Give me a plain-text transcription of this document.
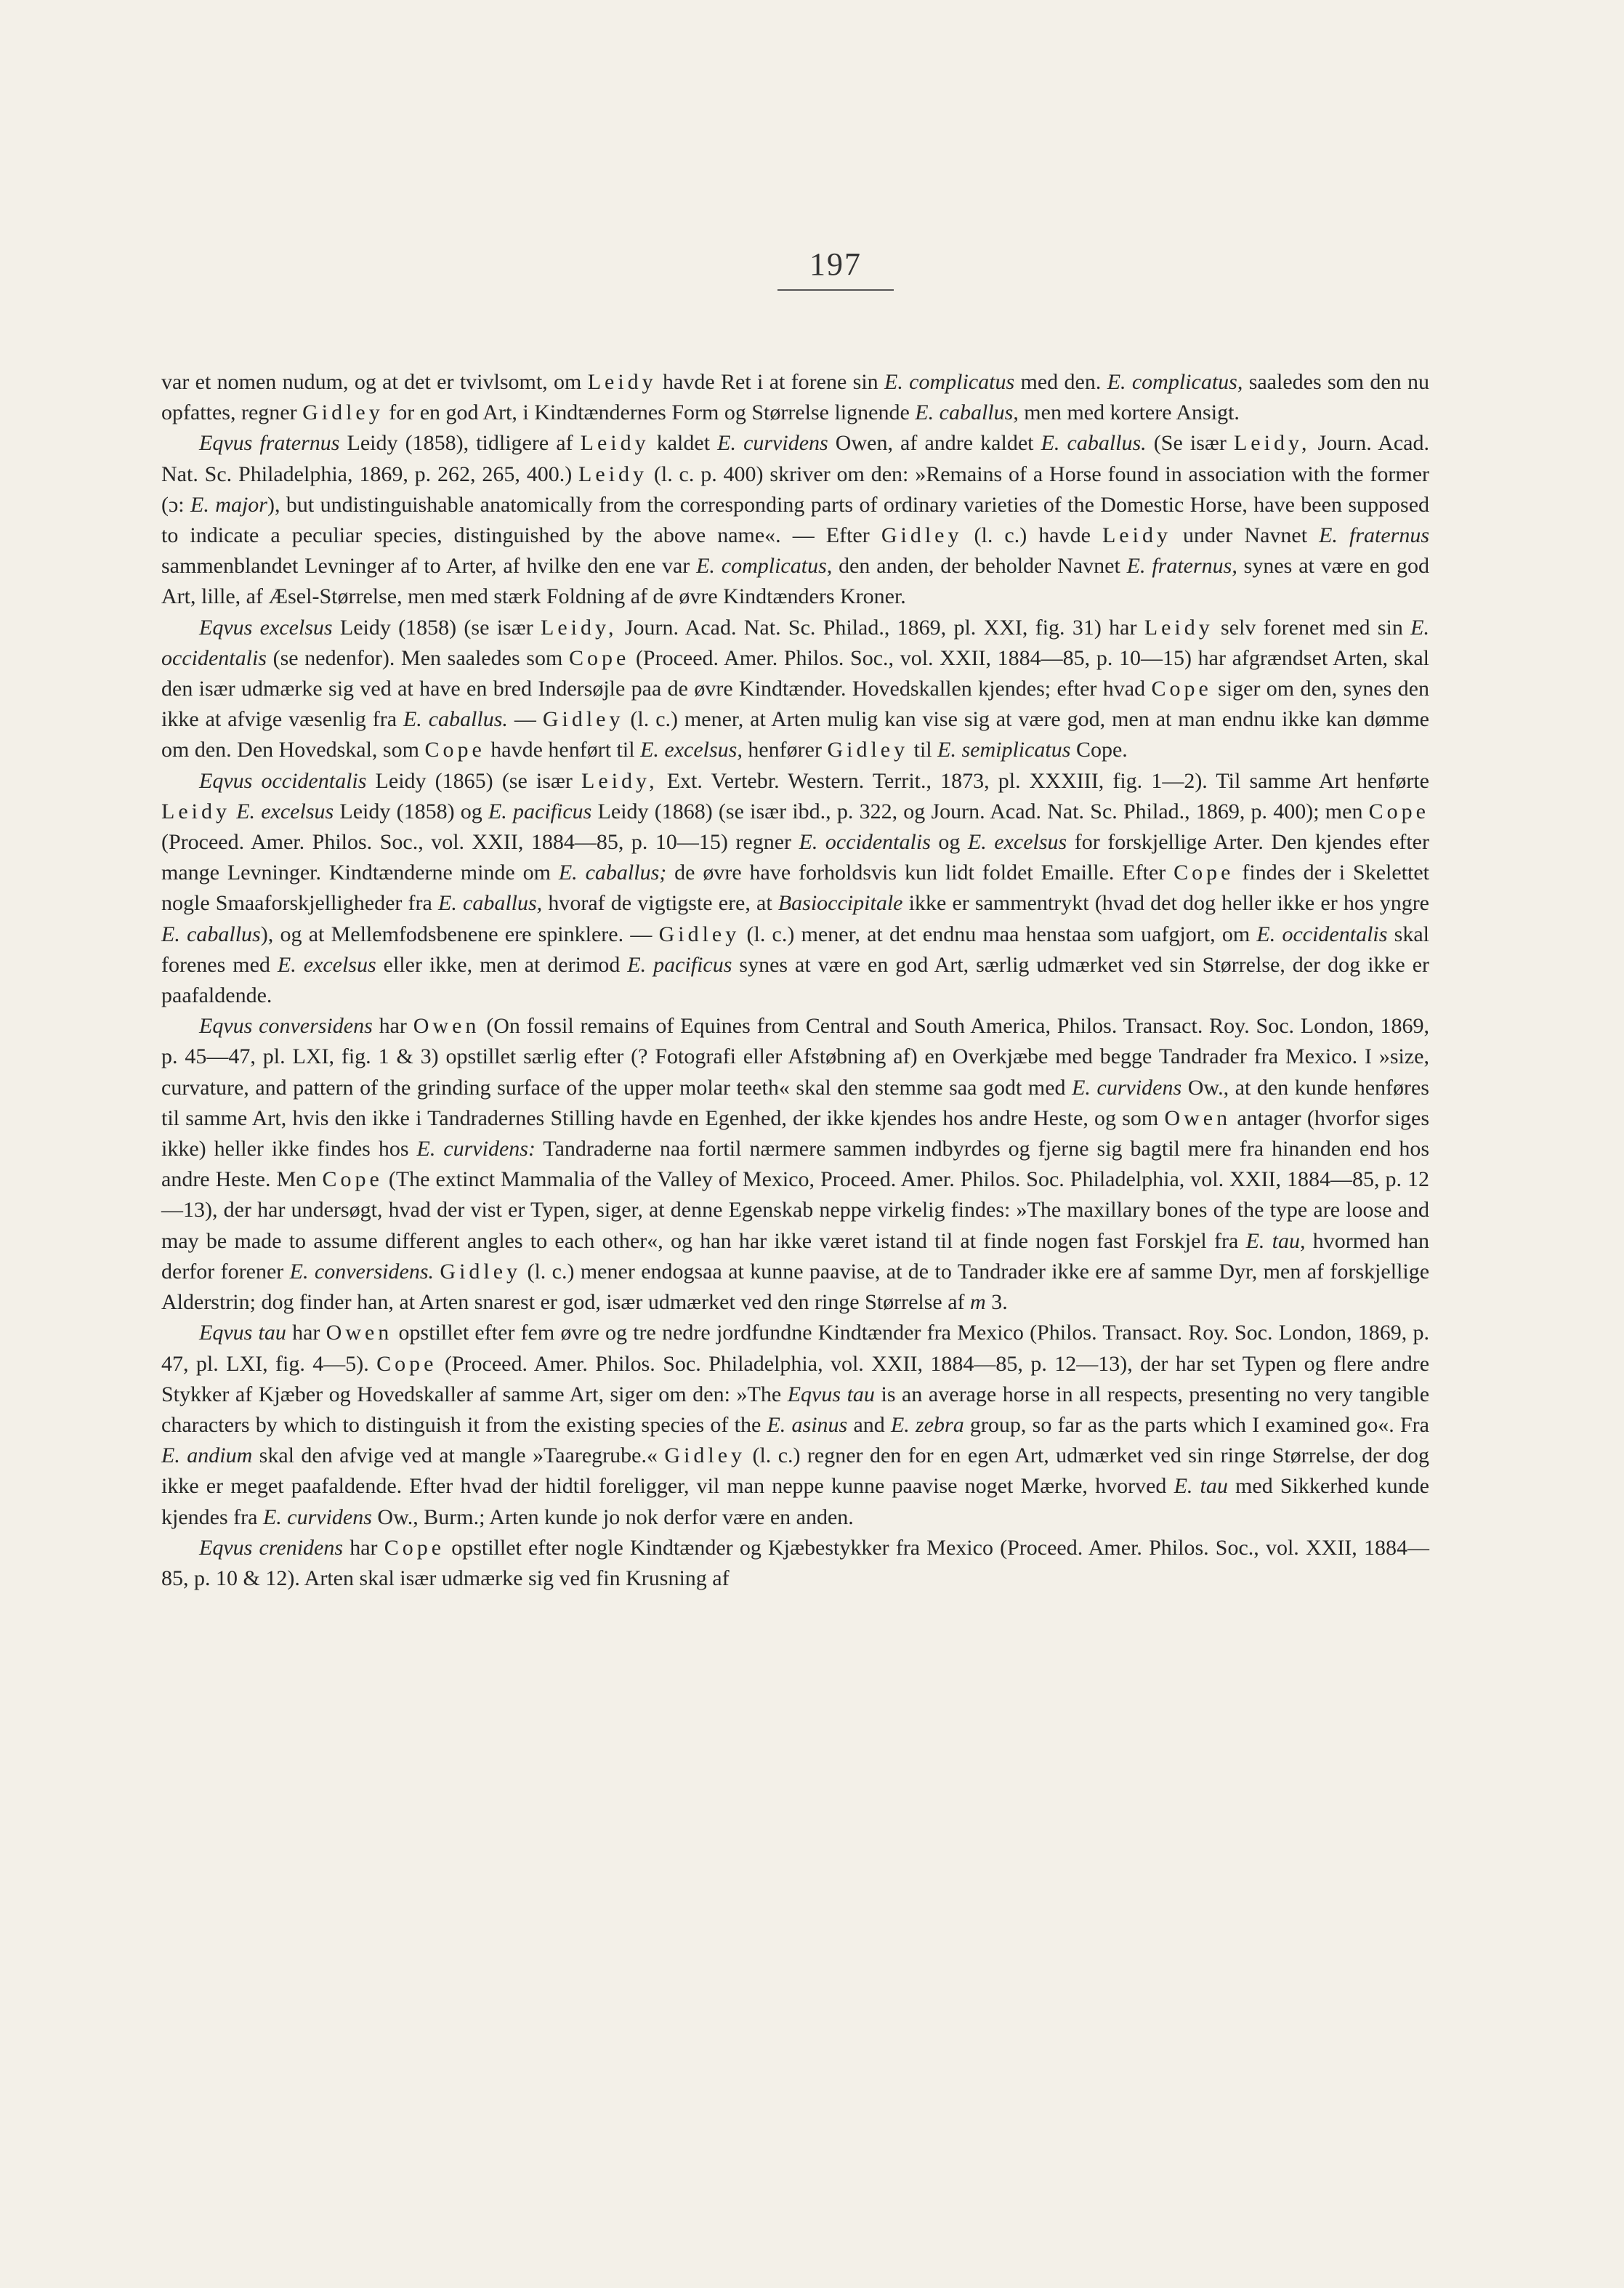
197

var et nomen nudum, og at det er tvivlsomt, om Leidy havde Ret i at forene sin E. complicatus med den. E. complicatus, saaledes som den nu opfattes, regner Gidley for en god Art, i Kindtændernes Form og Størrelse lignende E. caballus, men med kortere Ansigt.

Eqvus fraternus Leidy (1858), tidligere af Leidy kaldet E. curvidens Owen, af andre kaldet E. caballus. (Se især Leidy, Journ. Acad. Nat. Sc. Philadelphia, 1869, p. 262, 265, 400.) Leidy (l. c. p. 400) skriver om den: »Remains of a Horse found in association with the former (ɔ: E. major), but undistinguishable anatomically from the corresponding parts of ordinary varieties of the Domestic Horse, have been supposed to indicate a peculiar species, distinguished by the above name«. — Efter Gidley (l. c.) havde Leidy under Navnet E. fraternus sammenblandet Levninger af to Arter, af hvilke den ene var E. complicatus, den anden, der beholder Navnet E. fraternus, synes at være en god Art, lille, af Æsel-Størrelse, men med stærk Foldning af de øvre Kindtænders Kroner.

Eqvus excelsus Leidy (1858) (se især Leidy, Journ. Acad. Nat. Sc. Philad., 1869, pl. XXI, fig. 31) har Leidy selv forenet med sin E. occidentalis (se nedenfor). Men saaledes som Cope (Proceed. Amer. Philos. Soc., vol. XXII, 1884—85, p. 10—15) har afgrændset Arten, skal den især udmærke sig ved at have en bred Indersøjle paa de øvre Kindtænder. Hovedskallen kjendes; efter hvad Cope siger om den, synes den ikke at afvige væsenlig fra E. caballus. — Gidley (l. c.) mener, at Arten mulig kan vise sig at være god, men at man endnu ikke kan dømme om den. Den Hovedskal, som Cope havde henført til E. excelsus, henfører Gidley til E. semiplicatus Cope.

Eqvus occidentalis Leidy (1865) (se især Leidy, Ext. Vertebr. Western. Territ., 1873, pl. XXXIII, fig. 1—2). Til samme Art henførte Leidy E. excelsus Leidy (1858) og E. pacificus Leidy (1868) (se især ibd., p. 322, og Journ. Acad. Nat. Sc. Philad., 1869, p. 400); men Cope (Proceed. Amer. Philos. Soc., vol. XXII, 1884—85, p. 10—15) regner E. occidentalis og E. excelsus for forskjellige Arter. Den kjendes efter mange Levninger. Kindtænderne minde om E. caballus; de øvre have forholdsvis kun lidt foldet Emaille. Efter Cope findes der i Skelettet nogle Smaaforskjelligheder fra E. caballus, hvoraf de vigtigste ere, at Basioccipitale ikke er sammentrykt (hvad det dog heller ikke er hos yngre E. caballus), og at Mellemfodsbenene ere spinklere. — Gidley (l. c.) mener, at det endnu maa henstaa som uafgjort, om E. occidentalis skal forenes med E. excelsus eller ikke, men at derimod E. pacificus synes at være en god Art, særlig udmærket ved sin Størrelse, der dog ikke er paafaldende.

Eqvus conversidens har Owen (On fossil remains of Equines from Central and South America, Philos. Transact. Roy. Soc. London, 1869, p. 45—47, pl. LXI, fig. 1 & 3) opstillet særlig efter (? Fotografi eller Afstøbning af) en Overkjæbe med begge Tandrader fra Mexico. I »size, curvature, and pattern of the grinding surface of the upper molar teeth« skal den stemme saa godt med E. curvidens Ow., at den kunde henføres til samme Art, hvis den ikke i Tandradernes Stilling havde en Egenhed, der ikke kjendes hos andre Heste, og som Owen antager (hvorfor siges ikke) heller ikke findes hos E. curvidens: Tandraderne naa fortil nærmere sammen indbyrdes og fjerne sig bagtil mere fra hinanden end hos andre Heste. Men Cope (The extinct Mammalia of the Valley of Mexico, Proceed. Amer. Philos. Soc. Philadelphia, vol. XXII, 1884—85, p. 12—13), der har undersøgt, hvad der vist er Typen, siger, at denne Egenskab neppe virkelig findes: »The maxillary bones of the type are loose and may be made to assume different angles to each other«, og han har ikke været istand til at finde nogen fast Forskjel fra E. tau, hvormed han derfor forener E. conversidens. Gidley (l. c.) mener endogsaa at kunne paavise, at de to Tandrader ikke ere af samme Dyr, men af forskjellige Alderstrin; dog finder han, at Arten snarest er god, især udmærket ved den ringe Størrelse af m 3.

Eqvus tau har Owen opstillet efter fem øvre og tre nedre jordfundne Kindtænder fra Mexico (Philos. Transact. Roy. Soc. London, 1869, p. 47, pl. LXI, fig. 4—5). Cope (Proceed. Amer. Philos. Soc. Philadelphia, vol. XXII, 1884—85, p. 12—13), der har set Typen og flere andre Stykker af Kjæber og Hovedskaller af samme Art, siger om den: »The Eqvus tau is an average horse in all respects, presenting no very tangible characters by which to distinguish it from the existing species of the E. asinus and E. zebra group, so far as the parts which I examined go«. Fra E. andium skal den afvige ved at mangle »Taaregrube.« Gidley (l. c.) regner den for en egen Art, udmærket ved sin ringe Størrelse, der dog ikke er meget paafaldende. Efter hvad der hidtil foreligger, vil man neppe kunne paavise noget Mærke, hvorved E. tau med Sikkerhed kunde kjendes fra E. curvidens Ow., Burm.; Arten kunde jo nok derfor være en anden.

Eqvus crenidens har Cope opstillet efter nogle Kindtænder og Kjæbestykker fra Mexico (Proceed. Amer. Philos. Soc., vol. XXII, 1884—85, p. 10 & 12). Arten skal især udmærke sig ved fin Krusning af
